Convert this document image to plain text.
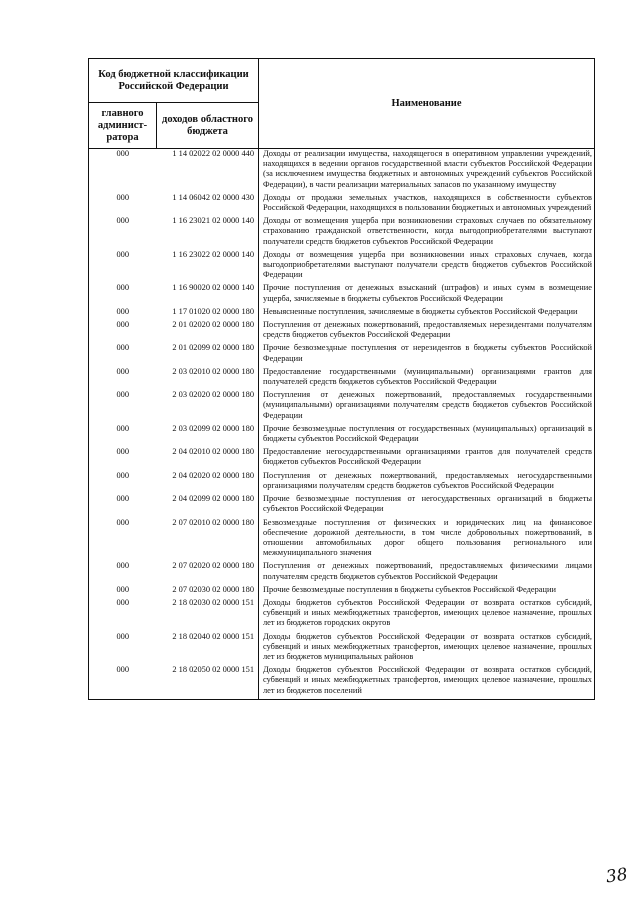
Код бюджетной классификации Российской Федерации		Наименование
главного админист-ратора	доходов областного бюджета	
000	1 14 02022 02 0000 440	Доходы от реализации имущества, находящегося в оперативном управлении учреждений, находящихся в ведении органов государственной власти субъектов Российской Федерации (за исключением имущества бюджетных и автономных учреждений субъектов Российской Федерации), в части реализации материальных запасов по указанному имуществу
000	1 14 06042 02 0000 430	Доходы от продажи земельных участков, находящихся в собственности субъектов Российской Федерации, находящихся в пользовании бюджетных и автономных учреждений
000	1 16 23021 02 0000 140	Доходы от возмещения ущерба при возникновении страховых случаев по обязательному страхованию гражданской ответственности, когда выгодоприобретателями выступают получатели средств бюджетов субъектов Российской Федерации
000	1 16 23022 02 0000 140	Доходы от возмещения ущерба при возникновении иных страховых случаев, когда выгодоприобретателями выступают получатели средств бюджетов субъектов Российской Федерации
000	1 16 90020 02 0000 140	Прочие поступления от денежных взысканий (штрафов) и иных сумм в возмещение ущерба, зачисляемые в бюджеты субъектов Российской Федерации
000	1 17 01020 02 0000 180	Невыясненные поступления, зачисляемые в бюджеты субъектов Российской Федерации
000	2 01 02020 02 0000 180	Поступления от денежных пожертвований, предоставляемых нерезидентами получателям средств бюджетов субъектов Российской Федерации
000	2 01 02099 02 0000 180	Прочие безвозмездные поступления от нерезидентов в бюджеты субъектов Российской Федерации
000	2 03 02010 02 0000 180	Предоставление государственными (муниципальными) организациями грантов для получателей средств бюджетов субъектов Российской Федерации
000	2 03 02020 02 0000 180	Поступления от денежных пожертвований, предоставляемых государственными (муниципальными) организациями получателям средств бюджетов субъектов Российской Федерации
000	2 03 02099 02 0000 180	Прочие безвозмездные поступления от государственных (муниципальных) организаций в бюджеты субъектов Российской Федерации
000	2 04 02010 02 0000 180	Предоставление негосударственными организациями грантов для получателей средств бюджетов субъектов Российской Федерации
000	2 04 02020 02 0000 180	Поступления от денежных пожертвований, предоставляемых негосударственными организациями получателям средств бюджетов субъектов Российской Федерации
000	2 04 02099 02 0000 180	Прочие безвозмездные поступления от негосударственных организаций в бюджеты субъектов Российской Федерации
000	2 07 02010 02 0000 180	Безвозмездные поступления от физических и юридических лиц на финансовое обеспечение дорожной деятельности, в том числе добровольных пожертвований, в отношении автомобильных дорог общего пользования регионального или межмуниципального значения
000	2 07 02020 02 0000 180	Поступления от денежных пожертвований, предоставляемых физическими лицами получателям средств бюджетов субъектов Российской Федерации
000	2 07 02030 02 0000 180	Прочие безвозмездные поступления в бюджеты субъектов Российской Федерации
000	2 18 02030 02 0000 151	Доходы бюджетов субъектов Российской Федерации от возврата остатков субсидий, субвенций и иных межбюджетных трансфертов, имеющих целевое назначение, прошлых лет из бюджетов городских округов
000	2 18 02040 02 0000 151	Доходы бюджетов субъектов Российской Федерации от возврата остатков субсидий, субвенций и иных межбюджетных трансфертов, имеющих целевое назначение, прошлых лет из бюджетов муниципальных районов
000	2 18 02050 02 0000 151	Доходы бюджетов субъектов Российской Федерации от возврата остатков субсидий, субвенций и иных межбюджетных трансфертов, имеющих целевое назначение, прошлых лет из бюджетов поселений
38
